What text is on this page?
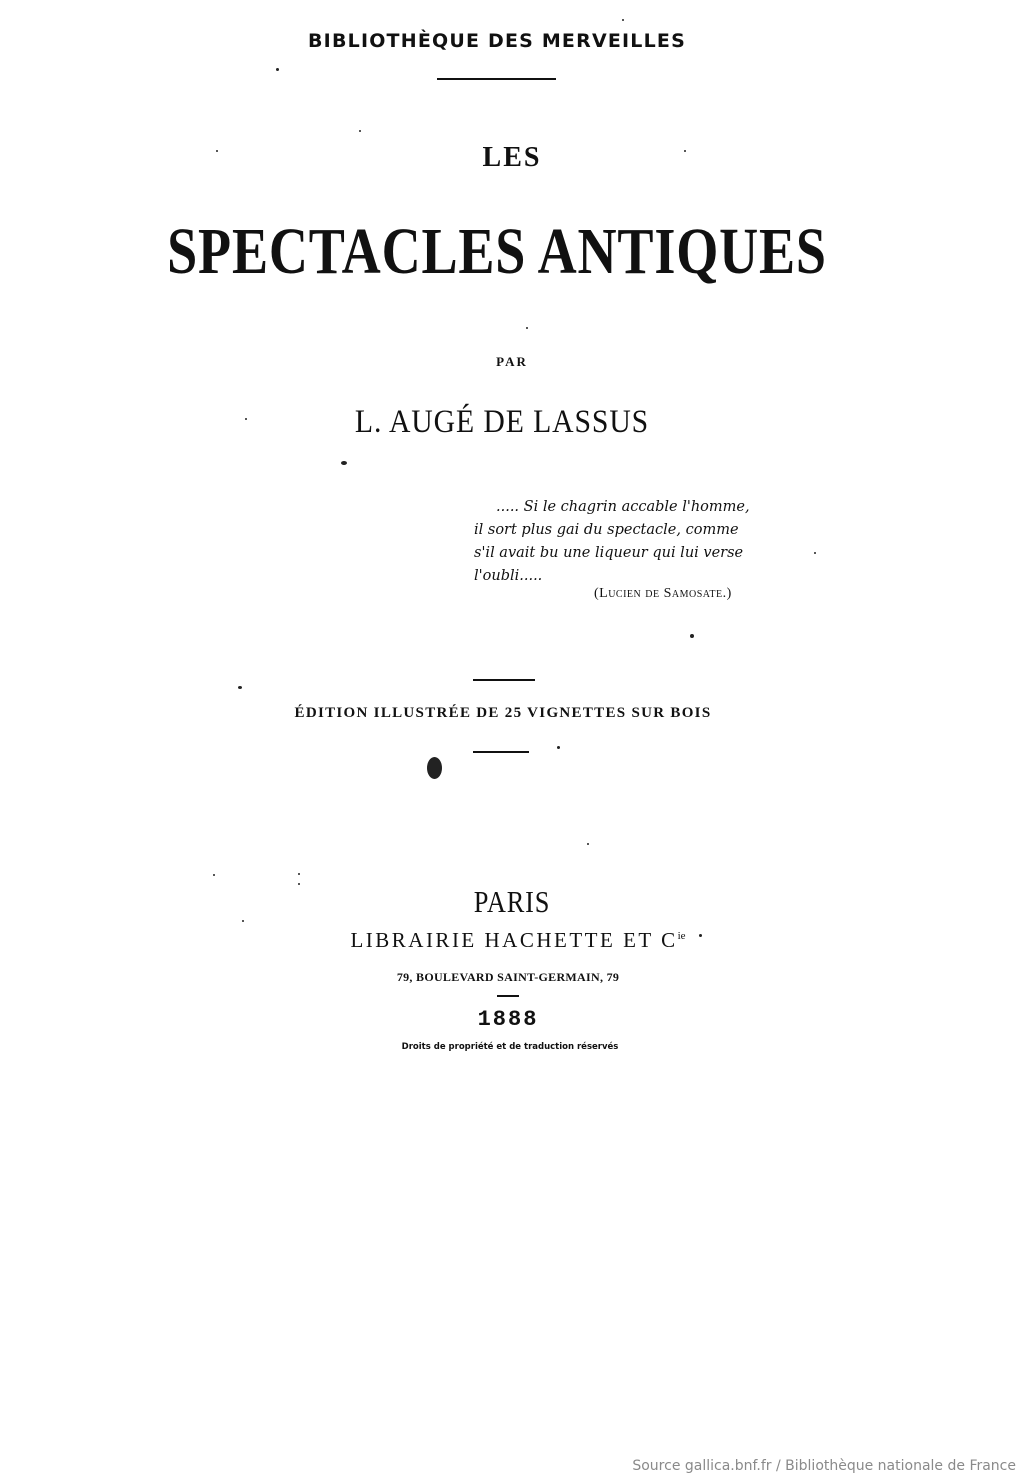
BIBLIOTHÈQUE DES MERVEILLES
LES
SPECTACLES ANTIQUES
PAR
L. AUGÉ DE LASSUS
..... Si le chagrin accable l'homme,
il sort plus gai du spectacle, comme
s'il avait bu une liqueur qui lui verse
l'oubli.....
(Lucien de Samosate.)
ÉDITION ILLUSTRÉE DE 25 VIGNETTES SUR BOIS
PARIS
LIBRAIRIE HACHETTE ET $C^{ie}$
79, BOULEVARD SAINT-GERMAIN, 79
1888
Droits de propriété et de traduction réservés
Source gallica.bnf.fr / Bibliothèque nationale de France
